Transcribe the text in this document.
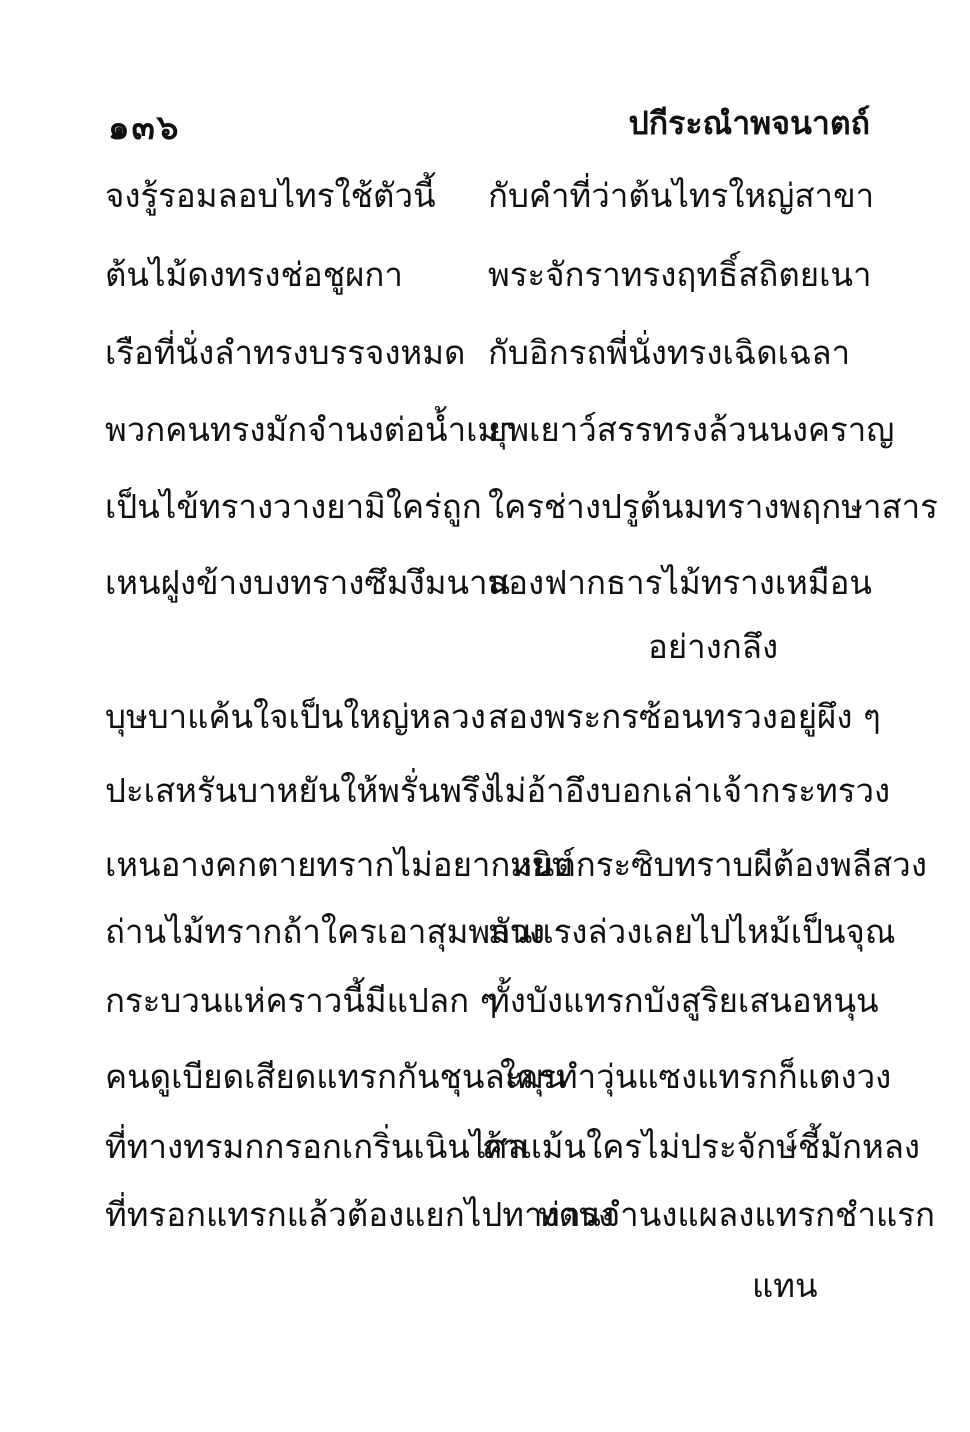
๑๓๖	ปกีระณำพจนาตถ์
จงรู้รอมลอบไทรใช้ตัวนี้ กับคำที่ว่าต้นไทรใหญ่สาขา
ต้นไม้ดงทรงช่อชูผกา	พระจักราทรงฤทธิ์สถิตยเนา
เรือที่นั่งลำทรงบรรจงหมด กับอิกรถพี่นั่งทรงเฉิดเฉลา
พวกคนทรงมักจำนงต่อน้ำเมา
ยุพเยาว์สรรทรงล้วนนงคราญ
เป็นไข้ทรางวางยามิใคร่ถูก ใครช่างปรูต้นมทรางพฤกษาสาร
เหนฝูงข้างบงทรางซึมงึมนาน
สองฟากธารไม้ทรางเหมือน
อย่างกลึง
บุษบาแค้นใจเป็นใหญ่หลวง สองพระกรซ้อนทรวงอยู่ผึง ๆ
ปะเสหรันบาหยันให้พรั่นพรึง
ไม่อ้าอึงบอกเล่าเจ้ากระทรวง
เหนอางคกตายทรากไม่อยากหยิบ
มนต์กระซิบทราบผีต้องพลีสวง
ถ่านไม้ทรากถ้าใครเอาสุมพลวง
มันแรงล่วงเลยไปไหม้เป็นจุณ
กระบวนแห่คราวนี้มีแปลก ๆ
ทั้งบังแทรกบังสูริยเสนอหนุน
คนดูเบียดเสียดแทรกกันชุนละมุน
ใครทำวุ่นแซงแทรกก็แตงวง
ที่ทางทรมกกรอกเกริ่นเนินไศล
ถ้าแม้นใครไม่ประจักษ์ชี้มักหลง
ที่ทรอกแทรกแล้วต้องแยกไปทางตรง
ท่านจำนงแผลงแทรกชำแรก
แทน
